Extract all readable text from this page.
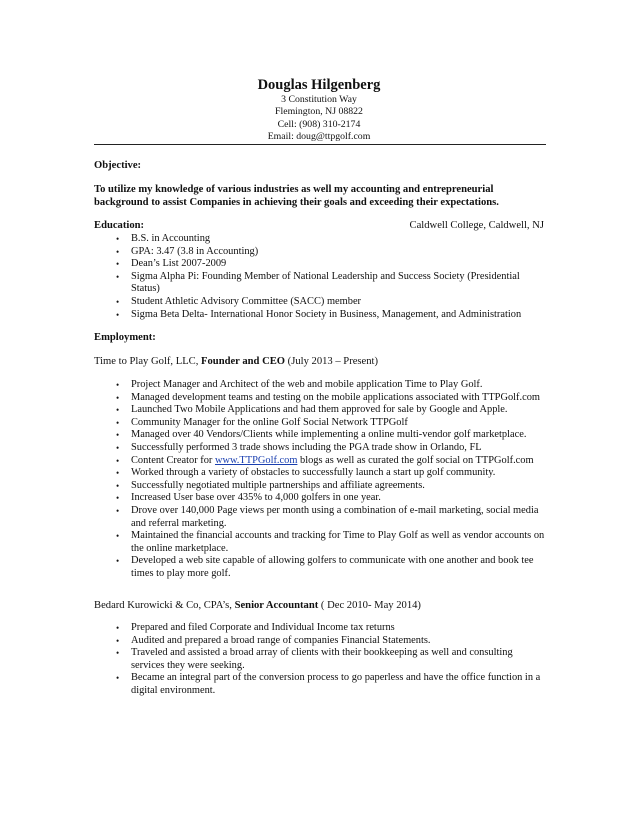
Douglas Hilgenberg
3 Constitution Way
Flemington, NJ 08822
Cell: (908) 310-2174
Email: doug@ttpgolf.com
Objective:
To utilize my knowledge of various industries as well my accounting and entrepreneurial background to assist Companies in achieving their goals and exceeding their expectations.
Education:	Caldwell College, Caldwell, NJ
• B.S. in Accounting
• GPA: 3.47 (3.8 in Accounting)
• Dean’s List 2007-2009
• Sigma Alpha Pi: Founding Member of National Leadership and Success Society (Presidential Status)
• Student Athletic Advisory Committee (SACC) member
• Sigma Beta Delta- International Honor Society in Business, Management, and Administration
Employment:
Time to Play Golf, LLC, Founder and CEO (July 2013 – Present)
• Project Manager and Architect of the web and mobile application Time to Play Golf.
• Managed development teams and testing on the mobile applications associated with TTPGolf.com
• Launched Two Mobile Applications and had them approved for sale by Google and Apple.
• Community Manager for the online Golf Social Network TTPGolf
• Managed over 40 Vendors/Clients while implementing a online multi-vendor golf marketplace.
• Successfully performed 3 trade shows including the PGA trade show in Orlando, FL
• Content Creator for www.TTPGolf.com blogs as well as curated the golf social on TTPGolf.com
• Worked through a variety of obstacles to successfully launch a start up golf community.
• Successfully negotiated multiple partnerships and affiliate agreements.
• Increased User base over 435% to 4,000 golfers in one year.
• Drove over 140,000 Page views per month using a combination of e-mail marketing, social media and referral marketing.
• Maintained the financial accounts and tracking for Time to Play Golf as well as vendor accounts on the online marketplace.
• Developed a web site capable of allowing golfers to communicate with one another and book tee times to play more golf.
Bedard Kurowicki & Co, CPA’s, Senior Accountant ( Dec 2010- May 2014)
• Prepared and filed Corporate and Individual Income tax returns
• Audited and prepared a broad range of companies Financial Statements.
• Traveled and assisted a broad array of clients with their bookkeeping as well and consulting services they were seeking.
• Became an integral part of the conversion process to go paperless and have the office function in a digital environment.
